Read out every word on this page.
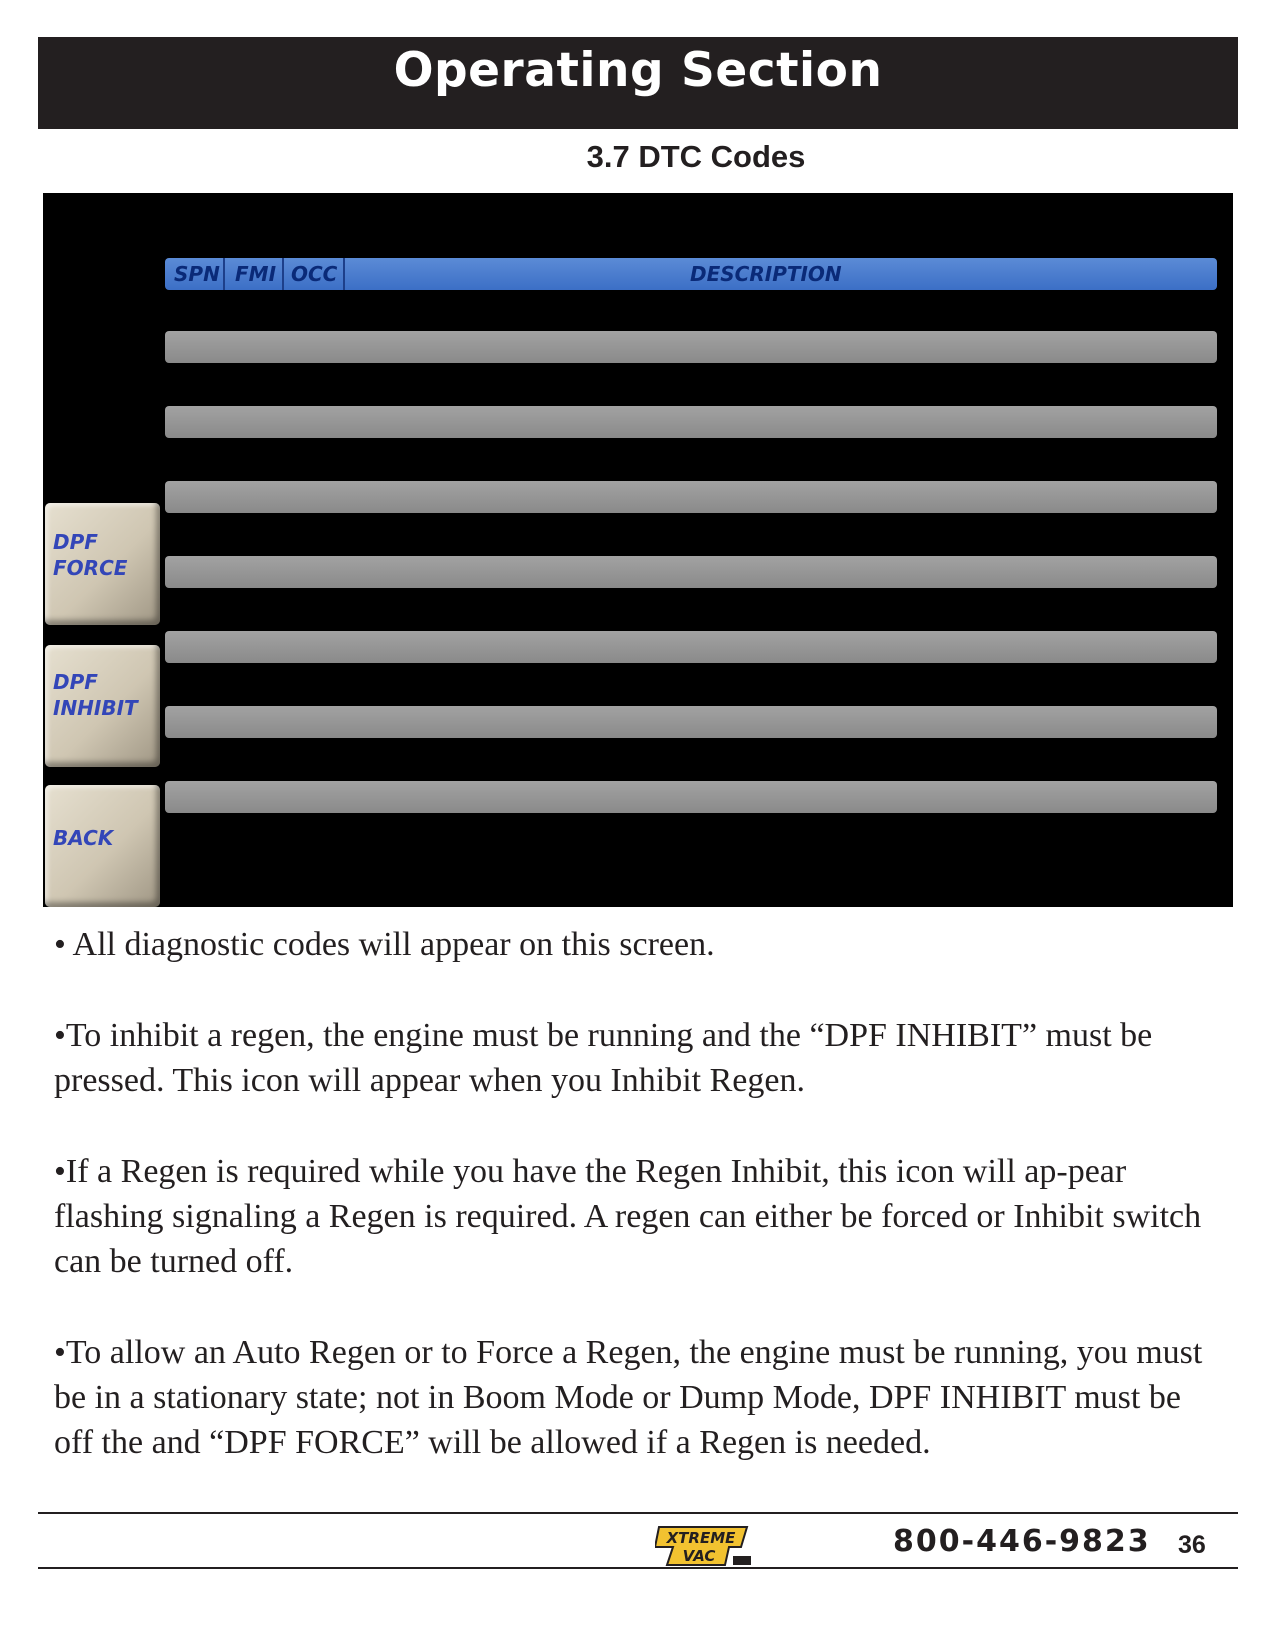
Operating Section
3.7 DTC Codes
SPN FMI OCC	DESCRIPTION
DPF
FORCE
DPF
INHIBIT
BACK

• All diagnostic codes will appear on this screen.

•To inhibit a regen, the engine must be running and the “DPF INHIBIT” must be pressed. This icon will appear when you Inhibit Regen.

•If a Regen is required while you have the Regen Inhibit, this icon will ap-pear flashing signaling a Regen is required. A regen can either be forced or Inhibit switch can be turned off.

•To allow an Auto Regen or to Force a Regen, the engine must be running, you must be in a stationary state; not in Boom Mode or Dump Mode, DPF INHIBIT must be off the and “DPF FORCE” will be allowed if a Regen is needed.

XTREME
VAC	800-446-9823 36
